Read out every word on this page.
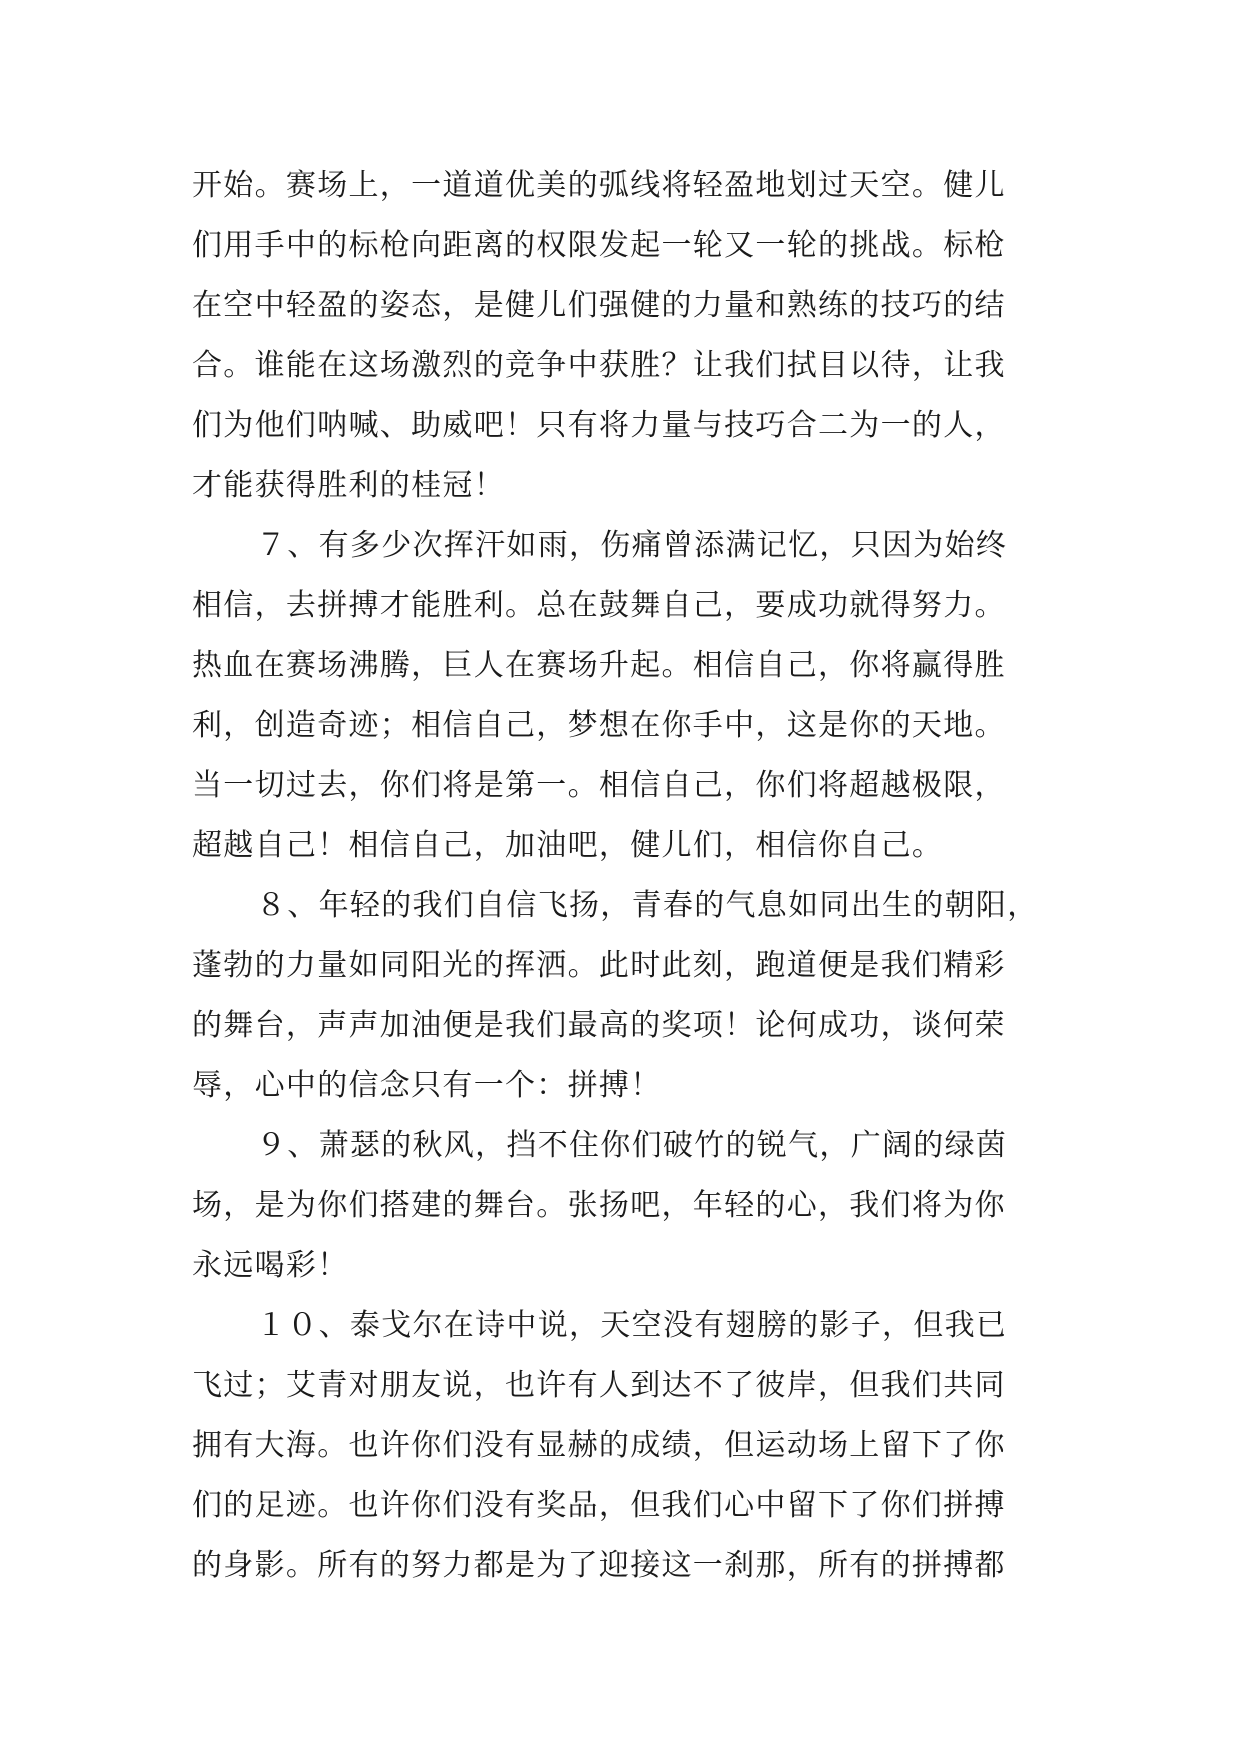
开始。赛场上，一道道优美的弧线将轻盈地划过天空。健儿
们用手中的标枪向距离的权限发起一轮又一轮的挑战。标枪
在空中轻盈的姿态，是健儿们强健的力量和熟练的技巧的结
合。谁能在这场激烈的竞争中获胜？让我们拭目以待，让我
们为他们呐喊、助威吧！只有将力量与技巧合二为一的人，
才能获得胜利的桂冠！
７、有多少次挥汗如雨，伤痛曾添满记忆，只因为始终
相信，去拼搏才能胜利。总在鼓舞自己，要成功就得努力。
热血在赛场沸腾，巨人在赛场升起。相信自己，你将赢得胜
利，创造奇迹；相信自己，梦想在你手中，这是你的天地。
当一切过去，你们将是第一。相信自己，你们将超越极限，
超越自己！相信自己，加油吧，健儿们，相信你自己。
８、年轻的我们自信飞扬，青春的气息如同出生的朝阳，
蓬勃的力量如同阳光的挥洒。此时此刻，跑道便是我们精彩
的舞台，声声加油便是我们最高的奖项！论何成功，谈何荣
辱，心中的信念只有一个：拼搏！
９、萧瑟的秋风，挡不住你们破竹的锐气，广阔的绿茵
场，是为你们搭建的舞台。张扬吧，年轻的心，我们将为你
永远喝彩！
１０、泰戈尔在诗中说，天空没有翅膀的影子，但我已
飞过；艾青对朋友说，也许有人到达不了彼岸，但我们共同
拥有大海。也许你们没有显赫的成绩，但运动场上留下了你
们的足迹。也许你们没有奖品，但我们心中留下了你们拼搏
的身影。所有的努力都是为了迎接这一刹那，所有的拼搏都
